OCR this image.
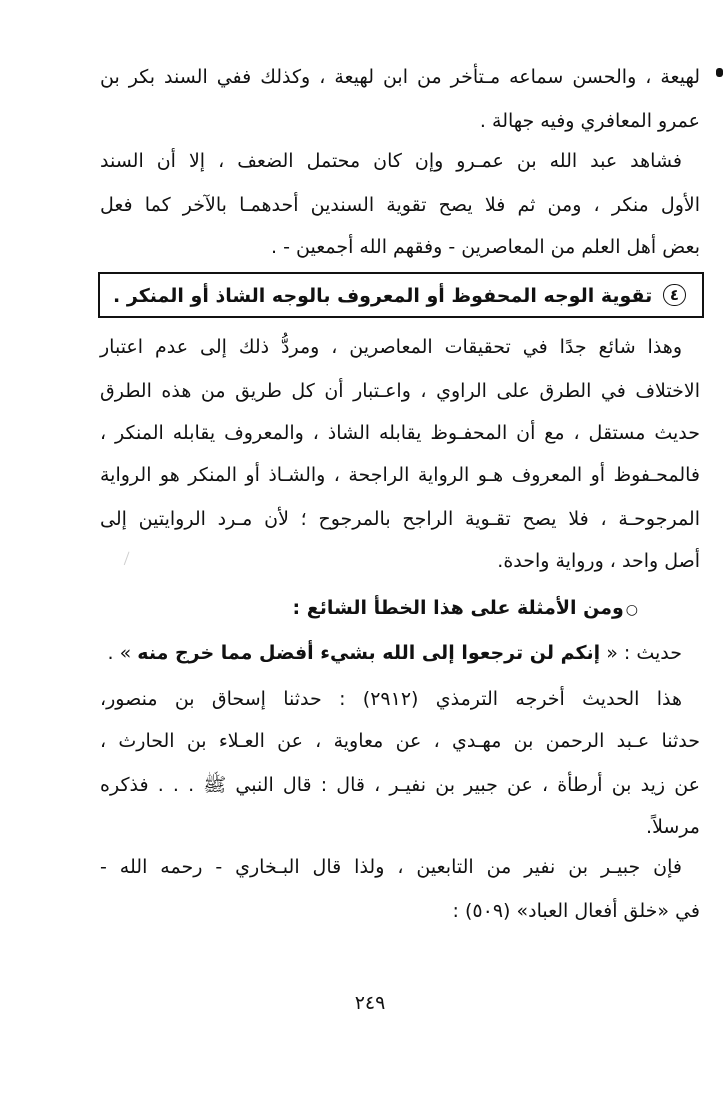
لهيعة ، والحسن سماعه مـتأخر من ابن لهيعة ، وكذلك ففي السند بكر بن
عمرو المعافري وفيه جهالة .
فشاهد عبد الله بن عمـرو وإن كان محتمل الضعف ، إلا أن السند
الأول منكر ، ومن ثم فلا يصح تقوية السندين أحدهمـا بالآخر كما فعل
بعض أهل العلم من المعاصرين - وفقهم الله أجمعين - .
٤ تقوية الوجه المحفوظ أو المعروف بالوجه الشاذ أو المنكر .
وهذا شائع جدًا في تحقيقات المعاصرين ، ومردُّ ذلك إلى عدم اعتبار
الاختلاف في الطرق على الراوي ، واعـتبار أن كل طريق من هذه الطرق
حديث مستقل ، مع أن المحفـوظ يقابله الشاذ ، والمعروف يقابله المنكر ،
فالمحـفوظ أو المعروف هـو الرواية الراجحة ، والشـاذ أو المنكر هو الرواية
المرجوحـة ، فلا يصح تقـوية الراجح بالمرجوح ؛ لأن مـرد الروايتين إلى
أصل واحد ، ورواية واحدة.
○ومن الأمثلة على هذا الخطأ الشائع :
حديث : « إنكم لن ترجعوا إلى الله بشيء أفضل مما خرج منه » .
هذا الحديث أخرجه الترمذي (٢٩١٢) : حدثنا إسحاق بن منصور،
حدثنا عـبد الرحمن بن مهـدي ، عن معاوية ، عن العـلاء بن الحارث ،
عن زيد بن أرطأة ، عن جبير بن نفيـر ، قال : قال النبي ﷺ . . . فذكره
مرسلاً.
فإن جبيـر بن نفير من التابعين ، ولذا قال البـخاري - رحمه الله -
في «خلق أفعال العباد» (٥٠٩) :
٢٤٩
